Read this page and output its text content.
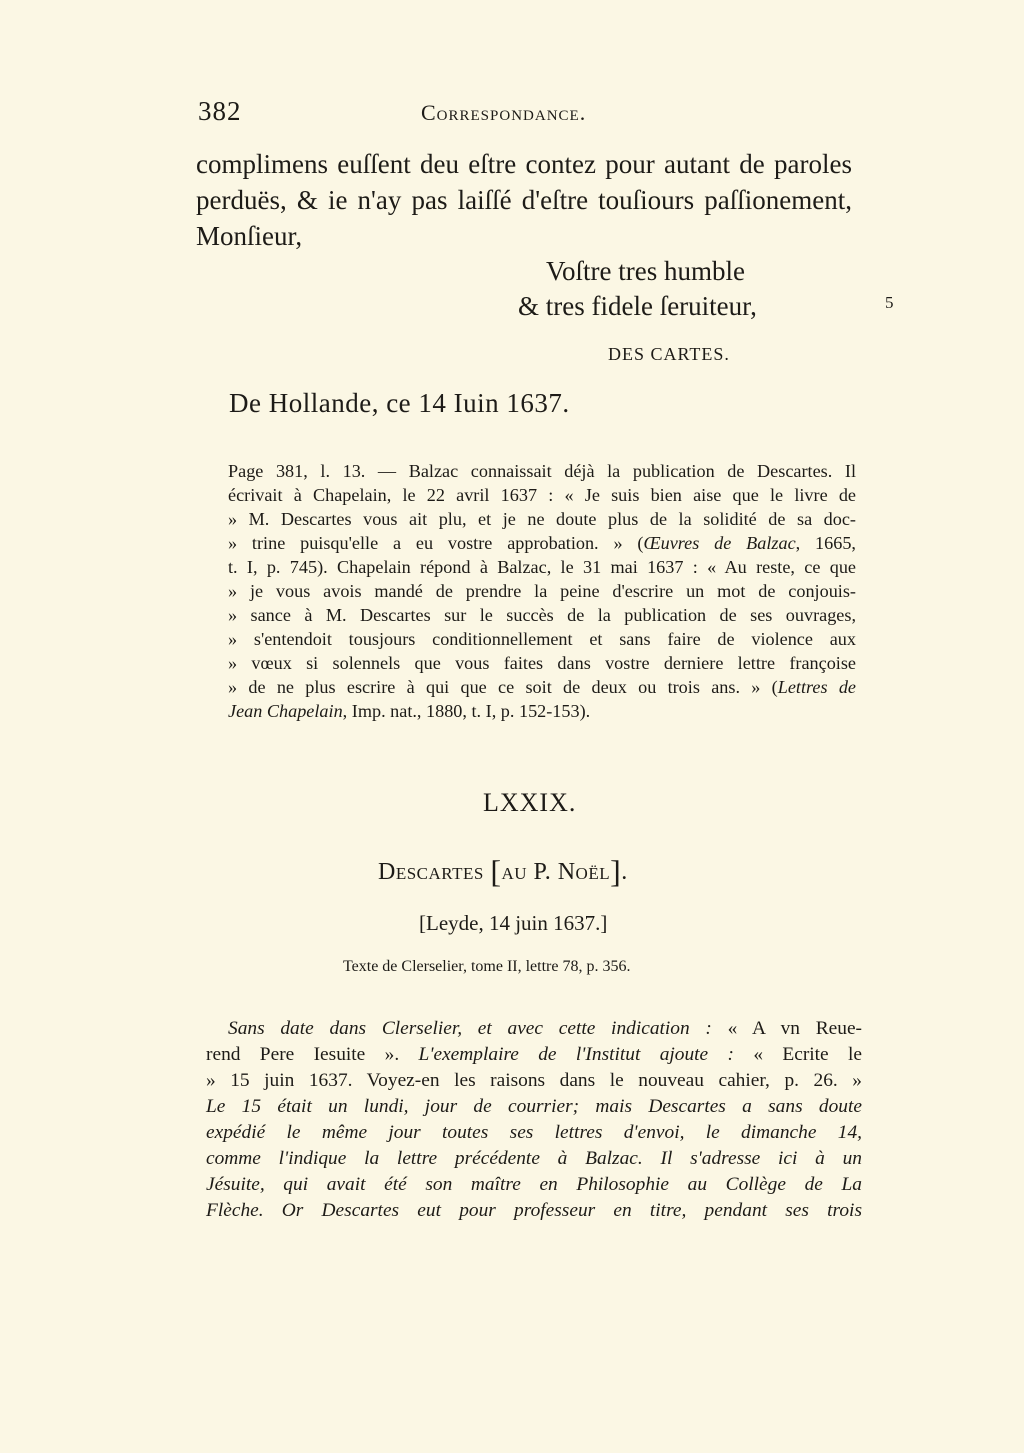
382	Correspondance.

complimens euſſent deu eſtre contez pour autant de paroles perduës, & ie n'ay pas laiſſé d'eſtre touſiours paſſionement, Monſieur,

Voſtre tres humble
& tres fidele ſeruiteur,	5
DES CARTES.
De Hollande, ce 14 Iuin 1637.
Page 381, l. 13. — Balzac connaissait déjà la publication de Descartes. Il
écrivait à Chapelain, le 22 avril 1637 : « Je suis bien aise que le livre de
» M. Descartes vous ait plu, et je ne doute plus de la solidité de sa doc-
» trine puisqu'elle a eu vostre approbation. » (Œuvres de Balzac, 1665,
t. I, p. 745). Chapelain répond à Balzac, le 31 mai 1637 : « Au reste, ce que
» je vous avois mandé de prendre la peine d'escrire un mot de conjouis-
» sance à M. Descartes sur le succès de la publication de ses ouvrages,
» s'entendoit tousjours conditionnellement et sans faire de violence aux
» vœux si solennels que vous faites dans vostre derniere lettre françoise
» de ne plus escrire à qui que ce soit de deux ou trois ans. » (Lettres de
Jean Chapelain, Imp. nat., 1880, t. I, p. 152-153).
LXXIX.
Descartes [au P. Noël].
[Leyde, 14 juin 1637.]
Texte de Clerselier, tome II, lettre 78, p. 356.
Sans date dans Clerselier, et avec cette indication : « A vn Reue-
rend Pere Iesuite ». L'exemplaire de l'Institut ajoute : « Ecrite le
» 15 juin 1637. Voyez-en les raisons dans le nouveau cahier, p. 26. »
Le 15 était un lundi, jour de courrier; mais Descartes a sans doute
expédié le même jour toutes ses lettres d'envoi, le dimanche 14,
comme l'indique la lettre précédente à Balzac. Il s'adresse ici à un
Jésuite, qui avait été son maître en Philosophie au Collège de La
Flèche. Or Descartes eut pour professeur en titre, pendant ses trois
